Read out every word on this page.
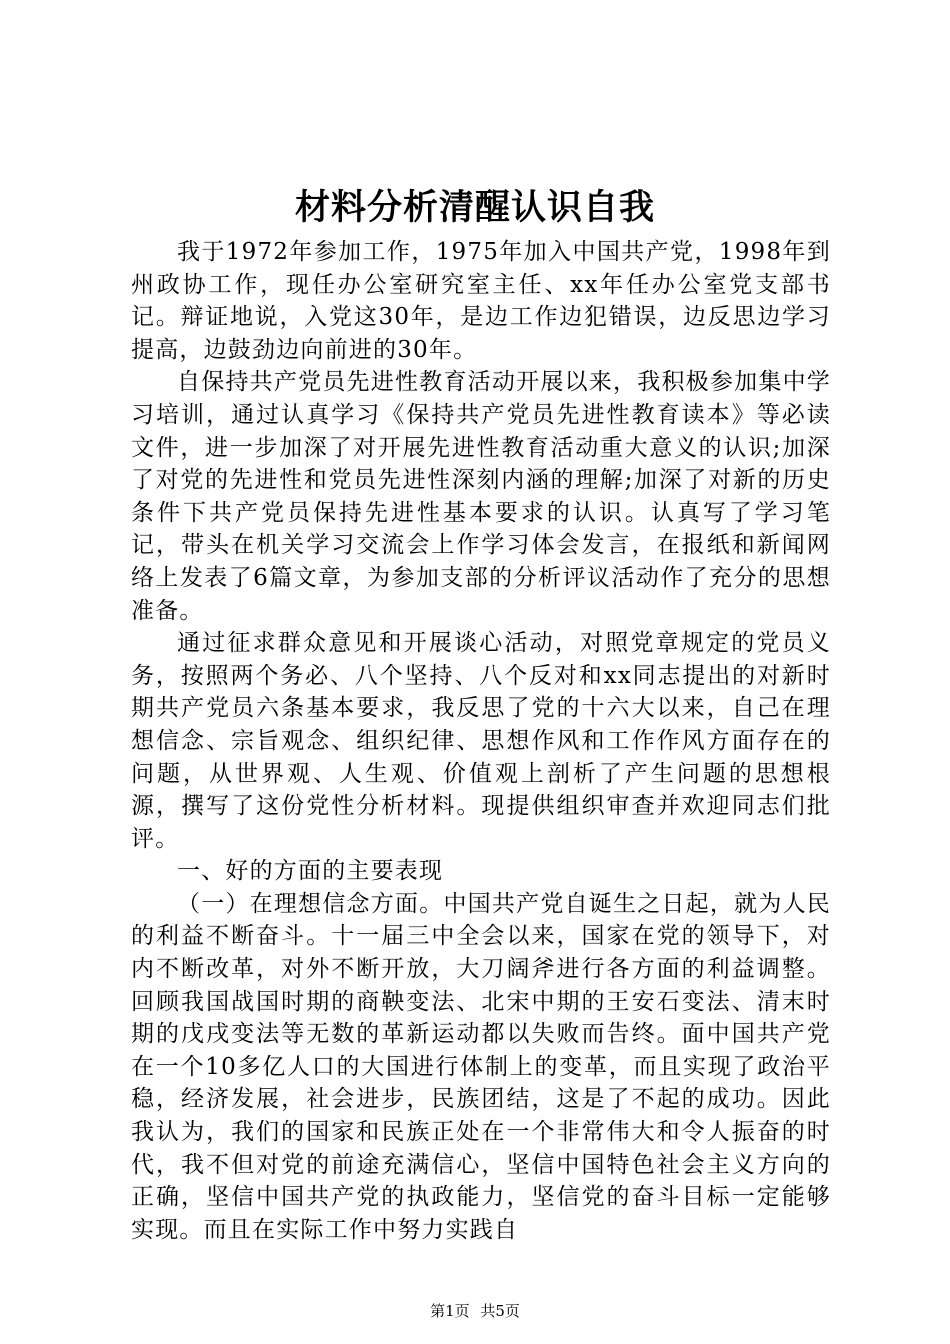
材料分析清醒认识自我

我于1972年参加工作，1975年加入中国共产党，1998年到州政协工作，现任办公室研究室主任、xx年任办公室党支部书记。辩证地说，入党这30年，是边工作边犯错误，边反思边学习提高，边鼓劲边向前进的30年。

自保持共产党员先进性教育活动开展以来，我积极参加集中学习培训，通过认真学习《保持共产党员先进性教育读本》等必读文件，进一步加深了对开展先进性教育活动重大意义的认识;加深了对党的先进性和党员先进性深刻内涵的理解;加深了对新的历史条件下共产党员保持先进性基本要求的认识。认真写了学习笔记，带头在机关学习交流会上作学习体会发言，在报纸和新闻网络上发表了6篇文章，为参加支部的分析评议活动作了充分的思想准备。

通过征求群众意见和开展谈心活动，对照党章规定的党员义务，按照两个务必、八个坚持、八个反对和xx同志提出的对新时期共产党员六条基本要求，我反思了党的十六大以来，自己在理想信念、宗旨观念、组织纪律、思想作风和工作作风方面存在的问题，从世界观、人生观、价值观上剖析了产生问题的思想根源，撰写了这份党性分析材料。现提供组织审查并欢迎同志们批评。

一、好的方面的主要表现

（一）在理想信念方面。中国共产党自诞生之日起，就为人民的利益不断奋斗。十一届三中全会以来，国家在党的领导下，对内不断改革，对外不断开放，大刀阔斧进行各方面的利益调整。回顾我国战国时期的商鞅变法、北宋中期的王安石变法、清末时期的戊戌变法等无数的革新运动都以失败而告终。面中国共产党在一个10多亿人口的大国进行体制上的变革，而且实现了政治平稳，经济发展，社会进步，民族团结，这是了不起的成功。因此我认为，我们的国家和民族正处在一个非常伟大和令人振奋的时代，我不但对党的前途充满信心，坚信中国特色社会主义方向的正确，坚信中国共产党的执政能力，坚信党的奋斗目标一定能够实现。而且在实际工作中努力实践自

第1页 共5页
